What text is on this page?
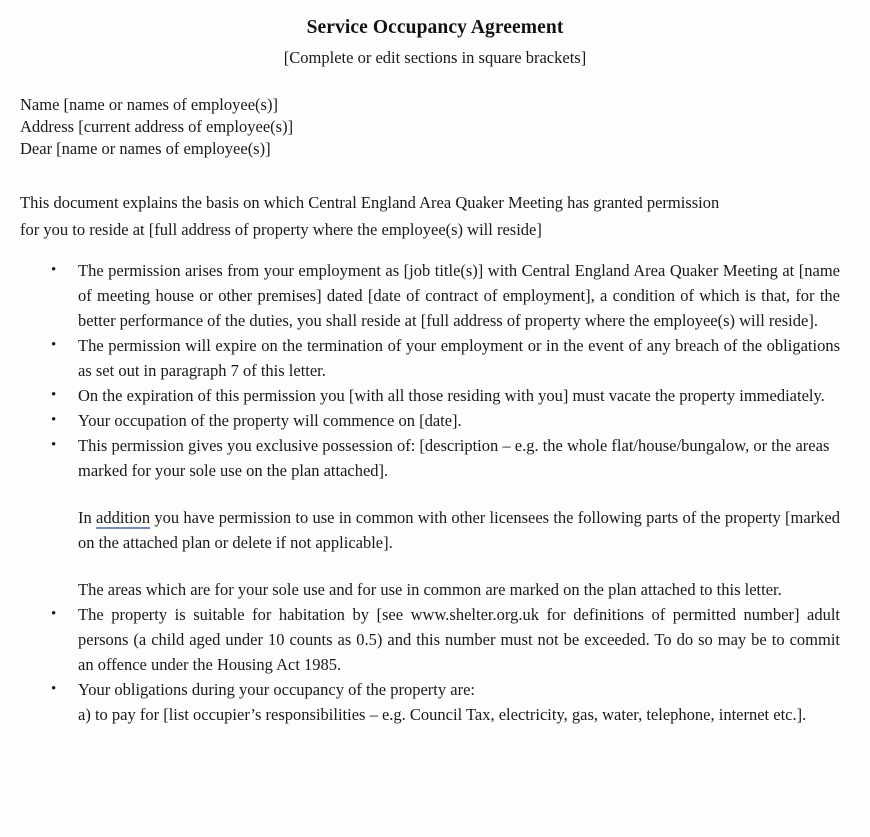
Service Occupancy Agreement
[Complete or edit sections in square brackets]
Name [name or names of employee(s)]
Address [current address of employee(s)]
Dear [name or names of employee(s)]
This document explains the basis on which Central England Area Quaker Meeting has granted permission
for you to reside at [full address of property where the employee(s) will reside]
•	The permission arises from your employment as [job title(s)] with Central England Area Quaker Meeting at [name of meeting house or other premises] dated [date of contract of employment], a condition of which is that, for the better performance of the duties, you shall reside at [full address of property where the employee(s) will reside].
•	The permission will expire on the termination of your employment or in the event of any breach of the obligations as set out in paragraph 7 of this letter.
•	On the expiration of this permission you [with all those residing with you] must vacate the property immediately.
•	Your occupation of the property will commence on [date].
•	This permission gives you exclusive possession of: [description – e.g. the whole flat/house/bungalow, or the areas marked for your sole use on the plan attached].
In addition you have permission to use in common with other licensees the following parts of the property [marked on the attached plan or delete if not applicable].
The areas which are for your sole use and for use in common are marked on the plan attached to this letter.
•	The property is suitable for habitation by [see www.shelter.org.uk for definitions of permitted number] adult persons (a child aged under 10 counts as 0.5) and this number must not be exceeded. To do so may be to commit an offence under the Housing Act 1985.
•	Your obligations during your occupancy of the property are:
a) to pay for [list occupier’s responsibilities – e.g. Council Tax, electricity, gas, water, telephone, internet etc.].
